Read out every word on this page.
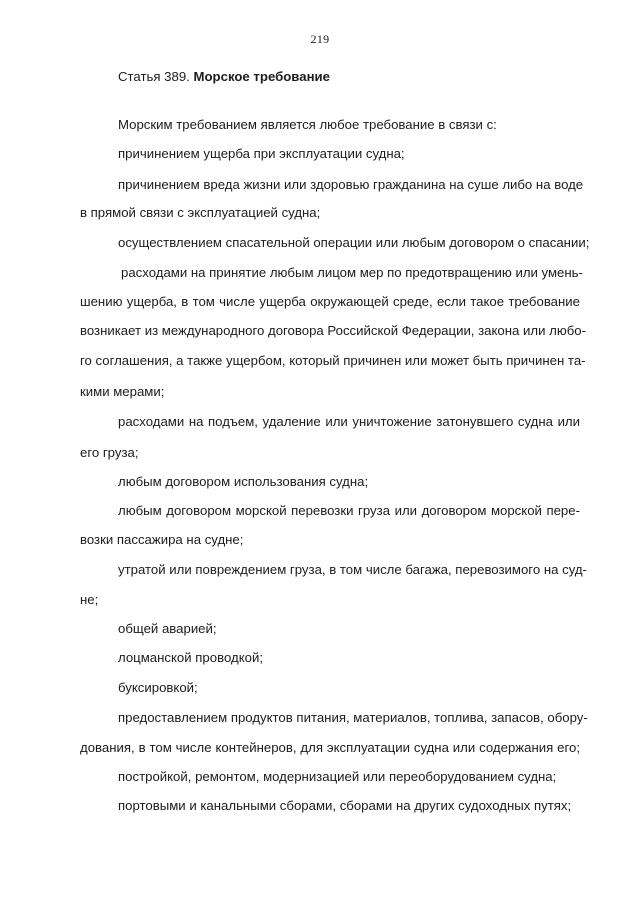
219
Статья 389. Морское требование
Морским требованием является любое требование в связи с:
причинением ущерба при эксплуатации судна;
причинением вреда жизни или здоровью гражданина на суше либо на воде
в прямой связи с эксплуатацией судна;
осуществлением спасательной операции или любым договором о спасании;
расходами на принятие любым лицом мер по предотвращению или умень-
шению ущерба, в том числе ущерба окружающей среде, если такое требование
возникает из международного договора Российской Федерации, закона или любо-
го соглашения, а также ущербом, который причинен или может быть причинен та-
кими мерами;
расходами на подъем, удаление или уничтожение затонувшего судна или
его груза;
любым договором использования судна;
любым договором морской перевозки груза или договором морской пере-
возки пассажира на судне;
утратой или повреждением груза, в том числе багажа, перевозимого на суд-
не;
общей аварией;
лоцманской проводкой;
буксировкой;
предоставлением продуктов питания, материалов, топлива, запасов, обору-
дования, в том числе контейнеров, для эксплуатации судна или содержания его;
постройкой, ремонтом, модернизацией или переоборудованием судна;
портовыми и канальными сборами, сборами на других судоходных путях;
